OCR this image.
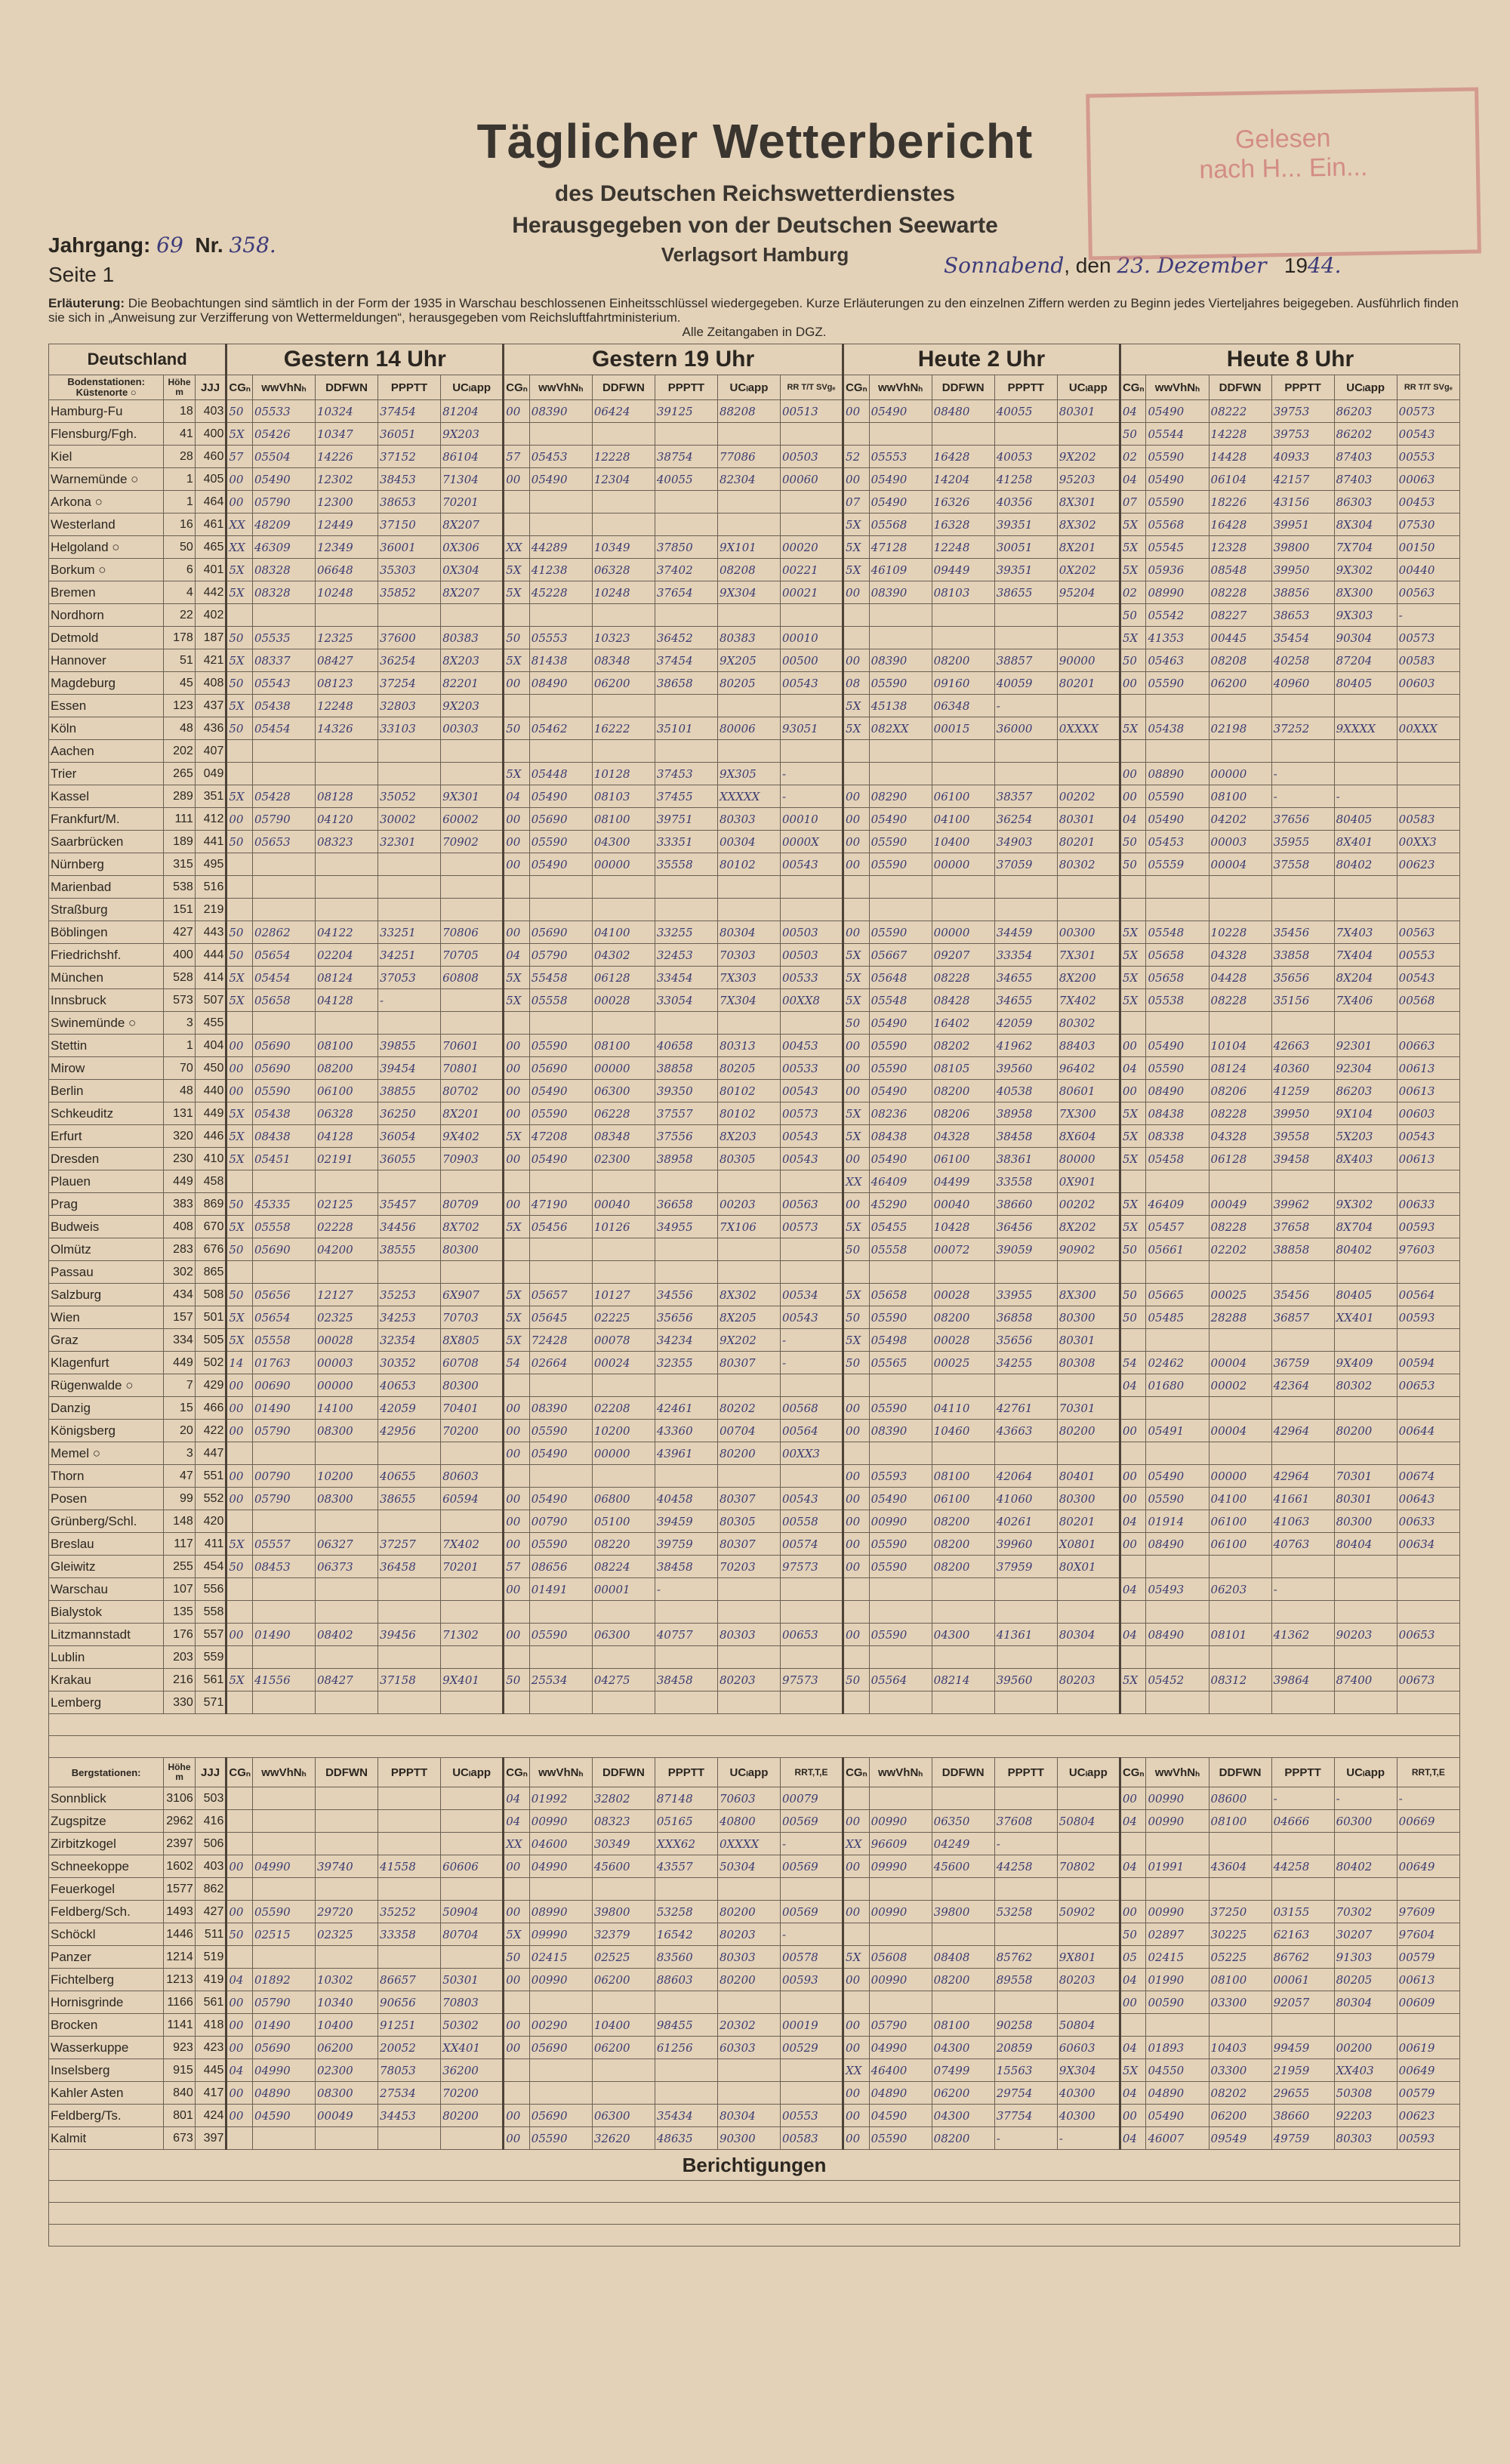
Täglicher Wetterbericht
des Deutschen Reichswetterdienstes
Herausgegeben von der Deutschen Seewarte
Verlagsort Hamburg
Jahrgang: 69 Nr. 358.
Seite 1	Sonnabend, den 23. Dezember 1944.
Gelesen
nach H... Ein...
Erläuterung: Die Beobachtungen sind sämtlich in der Form der 1935 in Warschau beschlossenen Einheitsschlüssel wiedergegeben. Kurze Erläuterungen zu den einzelnen Ziffern werden zu Beginn jedes Vierteljahres beigegeben. Ausführlich finden sie sich in „Anweisung zur Verzifferung von Wettermeldungen“, herausgegeben vom Reichsluftfahrtministerium.
Alle Zeitangaben in DGZ.
Deutschland			Gestern 14 Uhr					Gestern 19 Uhr						Heute 2 Uhr					Heute 8 Uhr					
Bodenstationen: Küstenorte ○	Höhe m	JJJ	CGₙ	wwVhNₕ	DDFWN	PPPTT	UCₗapp	CGₙ	wwVhNₕ	DDFWN	PPPTT	UCₗapp	RR T/T SVgₑ	CGₙ	wwVhNₕ	DDFWN	PPPTT	UCₗapp	CGₙ	wwVhNₕ	DDFWN	PPPTT	UCₗapp	RR T/T SVgₑ
Hamburg-Fu	18	403	50	05533	10324	37454	81204	00	08390	06424	39125	88208	00513	00	05490	08480	40055	80301	04	05490	08222	39753	86203	00573
Flensburg/Fgh.	41	400	5X	05426	10347	36051	9X203												50	05544	14228	39753	86202	00543
Kiel	28	460	57	05504	14226	37152	86104	57	05453	12228	38754	77086	00503	52	05553	16428	40053	9X202	02	05590	14428	40933	87403	00553
Warnemünde ○	1	405	00	05490	12302	38453	71304	00	05490	12304	40055	82304	00060	00	05490	14204	41258	95203	04	05490	06104	42157	87403	00063
Arkona ○	1	464	00	05790	12300	38653	70201							07	05490	16326	40356	8X301	07	05590	18226	43156	86303	00453
Westerland	16	461	XX	48209	12449	37150	8X207							5X	05568	16328	39351	8X302	5X	05568	16428	39951	8X304	07530
Helgoland ○	50	465	XX	46309	12349	36001	0X306	XX	44289	10349	37850	9X101	00020	5X	47128	12248	30051	8X201	5X	05545	12328	39800	7X704	00150
Borkum ○	6	401	5X	08328	06648	35303	0X304	5X	41238	06328	37402	08208	00221	5X	46109	09449	39351	0X202	5X	05936	08548	39950	9X302	00440
Bremen	4	442	5X	08328	10248	35852	8X207	5X	45228	10248	37654	9X304	00021	00	08390	08103	38655	95204	02	08990	08228	38856	8X300	00563
Nordhorn	22	402																	50	05542	08227	38653	9X303	-
Detmold	178	187	50	05535	12325	37600	80383	50	05553	10323	36452	80383	00010						5X	41353	00445	35454	90304	00573
Hannover	51	421	5X	08337	08427	36254	8X203	5X	81438	08348	37454	9X205	00500	00	08390	08200	38857	90000	50	05463	08208	40258	87204	00583
Magdeburg	45	408	50	05543	08123	37254	82201	00	08490	06200	38658	80205	00543	08	05590	09160	40059	80201	00	05590	06200	40960	80405	00603
Essen	123	437	5X	05438	12248	32803	9X203							5X	45138	06348	-							
Köln	48	436	50	05454	14326	33103	00303	50	05462	16222	35101	80006	93051	5X	082XX	00015	36000	0XXXX	5X	05438	02198	37252	9XXXX	00XXX
Aachen	202	407																						
Trier	265	049						5X	05448	10128	37453	9X305	-						00	08890	00000	-		
Kassel	289	351	5X	05428	08128	35052	9X301	04	05490	08103	37455	XXXXX	-	00	08290	06100	38357	00202	00	05590	08100	-	-	
Frankfurt/M.	111	412	00	05790	04120	30002	60002	00	05690	08100	39751	80303	00010	00	05490	04100	36254	80301	04	05490	04202	37656	80405	00583
Saarbrücken	189	441	50	05653	08323	32301	70902	00	05590	04300	33351	00304	0000X	00	05590	10400	34903	80201	50	05453	00003	35955	8X401	00XX3
Nürnberg	315	495						00	05490	00000	35558	80102	00543	00	05590	00000	37059	80302	50	05559	00004	37558	80402	00623
Marienbad	538	516																						
Straßburg	151	219																						
Böblingen	427	443	50	02862	04122	33251	70806	00	05690	04100	33255	80304	00503	00	05590	00000	34459	00300	5X	05548	10228	35456	7X403	00563
Friedrichshf.	400	444	50	05654	02204	34251	70705	04	05790	04302	32453	70303	00503	5X	05667	09207	33354	7X301	5X	05658	04328	33858	7X404	00553
München	528	414	5X	05454	08124	37053	60808	5X	55458	06128	33454	7X303	00533	5X	05648	08228	34655	8X200	5X	05658	04428	35656	8X204	00543
Innsbruck	573	507	5X	05658	04128	-		5X	05558	00028	33054	7X304	00XX8	5X	05548	08428	34655	7X402	5X	05538	08228	35156	7X406	00568
Swinemünde ○	3	455												50	05490	16402	42059	80302						
Stettin	1	404	00	05690	08100	39855	70601	00	05590	08100	40658	80313	00453	00	05590	08202	41962	88403	00	05490	10104	42663	92301	00663
Mirow	70	450	00	05690	08200	39454	70801	00	05690	00000	38858	80205	00533	00	05590	08105	39560	96402	04	05590	08124	40360	92304	00613
Berlin	48	440	00	05590	06100	38855	80702	00	05490	06300	39350	80102	00543	00	05490	08200	40538	80601	00	08490	08206	41259	86203	00613
Schkeuditz	131	449	5X	05438	06328	36250	8X201	00	05590	06228	37557	80102	00573	5X	08236	08206	38958	7X300	5X	08438	08228	39950	9X104	00603
Erfurt	320	446	5X	08438	04128	36054	9X402	5X	47208	08348	37556	8X203	00543	5X	08438	04328	38458	8X604	5X	08338	04328	39558	5X203	00543
Dresden	230	410	5X	05451	02191	36055	70903	00	05490	02300	38958	80305	00543	00	05490	06100	38361	80000	5X	05458	06128	39458	8X403	00613
Plauen	449	458												XX	46409	04499	33558	0X901						
Prag	383	869	50	45335	02125	35457	80709	00	47190	00040	36658	00203	00563	00	45290	00040	38660	00202	5X	46409	00049	39962	9X302	00633
Budweis	408	670	5X	05558	02228	34456	8X702	5X	05456	10126	34955	7X106	00573	5X	05455	10428	36456	8X202	5X	05457	08228	37658	8X704	00593
Olmütz	283	676	50	05690	04200	38555	80300							50	05558	00072	39059	90902	50	05661	02202	38858	80402	97603
Passau	302	865																						
Salzburg	434	508	50	05656	12127	35253	6X907	5X	05657	10127	34556	8X302	00534	5X	05658	00028	33955	8X300	50	05665	00025	35456	80405	00564
Wien	157	501	5X	05654	02325	34253	70703	5X	05645	02225	35656	8X205	00543	50	05590	08200	36858	80300	50	05485	28288	36857	XX401	00593
Graz	334	505	5X	05558	00028	32354	8X805	5X	72428	00078	34234	9X202	-	5X	05498	00028	35656	80301						
Klagenfurt	449	502	14	01763	00003	30352	60708	54	02664	00024	32355	80307	-	50	05565	00025	34255	80308	54	02462	00004	36759	9X409	00594
Rügenwalde ○	7	429	00	00690	00000	40653	80300												04	01680	00002	42364	80302	00653
Danzig	15	466	00	01490	14100	42059	70401	00	08390	02208	42461	80202	00568	00	05590	04110	42761	70301						
Königsberg	20	422	00	05790	08300	42956	70200	00	05590	10200	43360	00704	00564	00	08390	10460	43663	80200	00	05491	00004	42964	80200	00644
Memel ○	3	447						00	05490	00000	43961	80200	00XX3											
Thorn	47	551	00	00790	10200	40655	80603							00	05593	08100	42064	80401	00	05490	00000	42964	70301	00674
Posen	99	552	00	05790	08300	38655	60594	00	05490	06800	40458	80307	00543	00	05490	06100	41060	80300	00	05590	04100	41661	80301	00643
Grünberg/Schl.	148	420						00	00790	05100	39459	80305	00558	00	00990	08200	40261	80201	04	01914	06100	41063	80300	00633
Breslau	117	411	5X	05557	06327	37257	7X402	00	05590	08220	39759	80307	00574	00	05590	08200	39960	X0801	00	08490	06100	40763	80404	00634
Gleiwitz	255	454	50	08453	06373	36458	70201	57	08656	08224	38458	70203	97573	00	05590	08200	37959	80X01						
Warschau	107	556						00	01491	00001	-								04	05493	06203	-		
Bialystok	135	558																						
Litzmannstadt	176	557	00	01490	08402	39456	71302	00	05590	06300	40757	80303	00653	00	05590	04300	41361	80304	04	08490	08101	41362	90203	00653
Lublin	203	559																						
Krakau	216	561	5X	41556	08427	37158	9X401	50	25534	04275	38458	80203	97573	50	05564	08214	39560	80203	5X	05452	08312	39864	87400	00673
Lemberg	330	571																						

Bergstationen:	Höhe m	JJJ	CGₙ	wwVhNₕ	DDFWN	PPPTT	UCₗapp	CGₙ	wwVhNₕ	DDFWN	PPPTT	UCₗapp	RRT,T,E	CGₙ	wwVhNₕ	DDFWN	PPPTT	UCₗapp	CGₙ	wwVhNₕ	DDFWN	PPPTT	UCₗapp	RRT,T,E
Sonnblick	3106	503						04	01992	32802	87148	70603	00079						00	00990	08600	-	-	-
Zugspitze	2962	416						04	00990	08323	05165	40800	00569	00	00990	06350	37608	50804	04	00990	08100	04666	60300	00669
Zirbitzkogel	2397	506						XX	04600	30349	XXX62	0XXXX	-	XX	96609	04249	-							
Schneekoppe	1602	403	00	04990	39740	41558	60606	00	04990	45600	43557	50304	00569	00	09990	45600	44258	70802	04	01991	43604	44258	80402	00649
Feuerkogel	1577	862																						
Feldberg/Sch.	1493	427	00	05590	29720	35252	50904	00	08990	39800	53258	80200	00569	00	00990	39800	53258	50902	00	00990	37250	03155	70302	97609
Schöckl	1446	511	50	02515	02325	33358	80704	5X	09990	32379	16542	80203	-						50	02897	30225	62163	30207	97604
Panzer	1214	519						50	02415	02525	83560	80303	00578	5X	05608	08408	85762	9X801	05	02415	05225	86762	91303	00579
Fichtelberg	1213	419	04	01892	10302	86657	50301	00	00990	06200	88603	80200	00593	00	00990	08200	89558	80203	04	01990	08100	00061	80205	00613
Hornisgrinde	1166	561	00	05790	10340	90656	70803												00	00590	03300	92057	80304	00609
Brocken	1141	418	00	01490	10400	91251	50302	00	00290	10400	98455	20302	00019	00	05790	08100	90258	50804						
Wasserkuppe	923	423	00	05690	06200	20052	XX401	00	05690	06200	61256	60303	00529	00	04990	04300	20859	60603	04	01893	10403	99459	00200	00619
Inselsberg	915	445	04	04990	02300	78053	36200							XX	46400	07499	15563	9X304	5X	04550	03300	21959	XX403	00649
Kahler Asten	840	417	00	04890	08300	27534	70200							00	04890	06200	29754	40300	04	04890	08202	29655	50308	00579
Feldberg/Ts.	801	424	00	04590	00049	34453	80200	00	05690	06300	35434	80304	00553	00	04590	04300	37754	40300	00	05490	06200	38660	92203	00623
Kalmit	673	397						00	05590	32620	48635	90300	00583	00	05590	08200	-	-	04	46007	09549	49759	80303	00593
Berichtigungen																								
